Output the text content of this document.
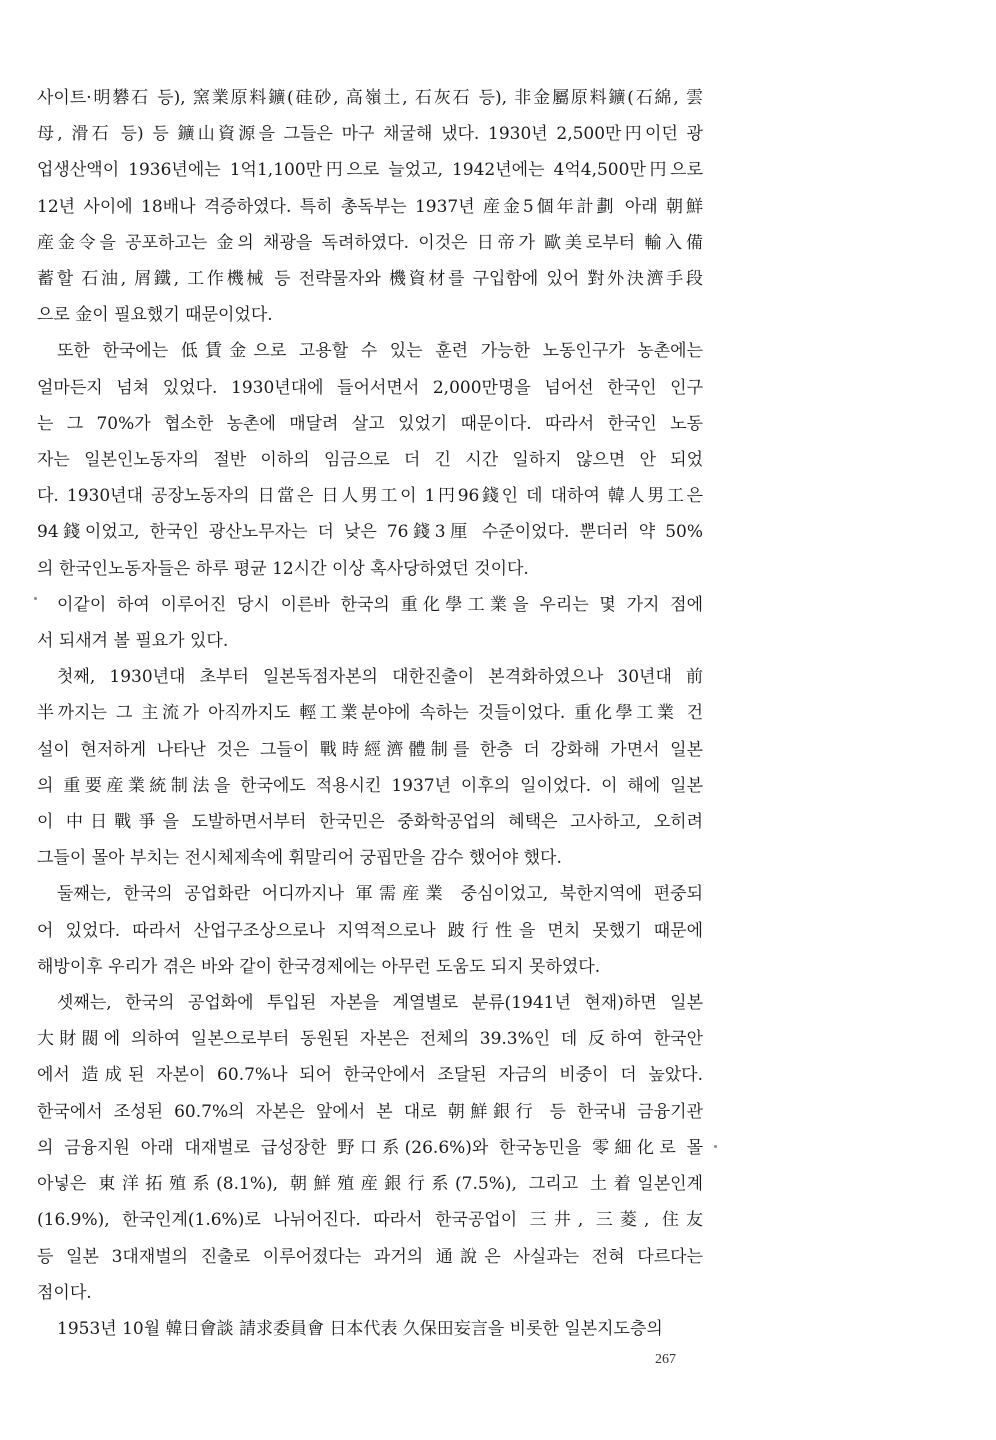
사이트·明礬石 등), 窯業原料鑛(硅砂, 高嶺土, 石灰石 등), 非金屬原料鑛(石綿, 雲
母, 滑石 등) 등 鑛山資源을 그들은 마구 채굴해 냈다. 1930년 2,500만円이던 광
업생산액이 1936년에는 1억1,100만円으로 늘었고, 1942년에는 4억4,500만円으로
12년 사이에 18배나 격증하였다. 특히 총독부는 1937년 産金5個年計劃 아래 朝鮮
産金令을 공포하고는 金의 채광을 독려하였다. 이것은 日帝가 歐美로부터 輸入備
蓄할 石油, 屑鐵, 工作機械 등 전략물자와 機資材를 구입함에 있어 對外決濟手段
으로 金이 필요했기 때문이었다.

또한 한국에는 低賃金으로 고용할 수 있는 훈련 가능한 노동인구가 농촌에는
얼마든지 넘쳐 있었다. 1930년대에 들어서면서 2,000만명을 넘어선 한국인 인구
는 그 70%가 협소한 농촌에 매달려 살고 있었기 때문이다. 따라서 한국인 노동
자는 일본인노동자의 절반 이하의 임금으로 더 긴 시간 일하지 않으면 안 되었
다. 1930년대 공장노동자의 日當은 日人男工이 1円96錢인 데 대하여 韓人男工은
94錢이었고, 한국인 광산노무자는 더 낮은 76錢3厘 수준이었다. 뿐더러 약 50%
의 한국인노동자들은 하루 평균 12시간 이상 혹사당하였던 것이다.

이같이 하여 이루어진 당시 이른바 한국의 重化學工業을 우리는 몇 가지 점에
서 되새겨 볼 필요가 있다.

첫째, 1930년대 초부터 일본독점자본의 대한진출이 본격화하였으나 30년대 前
半까지는 그 主流가 아직까지도 輕工業분야에 속하는 것들이었다. 重化學工業 건
설이 현저하게 나타난 것은 그들이 戰時經濟體制를 한층 더 강화해 가면서 일본
의 重要産業統制法을 한국에도 적용시킨 1937년 이후의 일이었다. 이 해에 일본
이 中日戰爭을 도발하면서부터 한국민은 중화학공업의 혜택은 고사하고, 오히려
그들이 몰아 부치는 전시체제속에 휘말리어 궁핍만을 감수 했어야 했다.

둘째는, 한국의 공업화란 어디까지나 軍需産業 중심이었고, 북한지역에 편중되
어 있었다. 따라서 산업구조상으로나 지역적으로나 跛行性을 면치 못했기 때문에
해방이후 우리가 겪은 바와 같이 한국경제에는 아무런 도움도 되지 못하였다.

셋째는, 한국의 공업화에 투입된 자본을 계열별로 분류(1941년 현재)하면 일본
大財閥에 의하여 일본으로부터 동원된 자본은 전체의 39.3%인 데 反하여 한국안
에서 造成된 자본이 60.7%나 되어 한국안에서 조달된 자금의 비중이 더 높았다.
한국에서 조성된 60.7%의 자본은 앞에서 본 대로 朝鮮銀行 등 한국내 금융기관
의 금융지원 아래 대재벌로 급성장한 野口系(26.6%)와 한국농민을 零細化로 몰
아넣은 東洋拓殖系(8.1%), 朝鮮殖産銀行系(7.5%), 그리고 土着일본인계
(16.9%), 한국인계(1.6%)로 나뉘어진다. 따라서 한국공업이 三井, 三菱, 住友
등 일본 3대재벌의 진출로 이루어졌다는 과거의 通說은 사실과는 전혀 다르다는
점이다.

1953년 10월 韓日會談 請求委員會 日本代表 久保田妄言을 비롯한 일본지도층의

267
